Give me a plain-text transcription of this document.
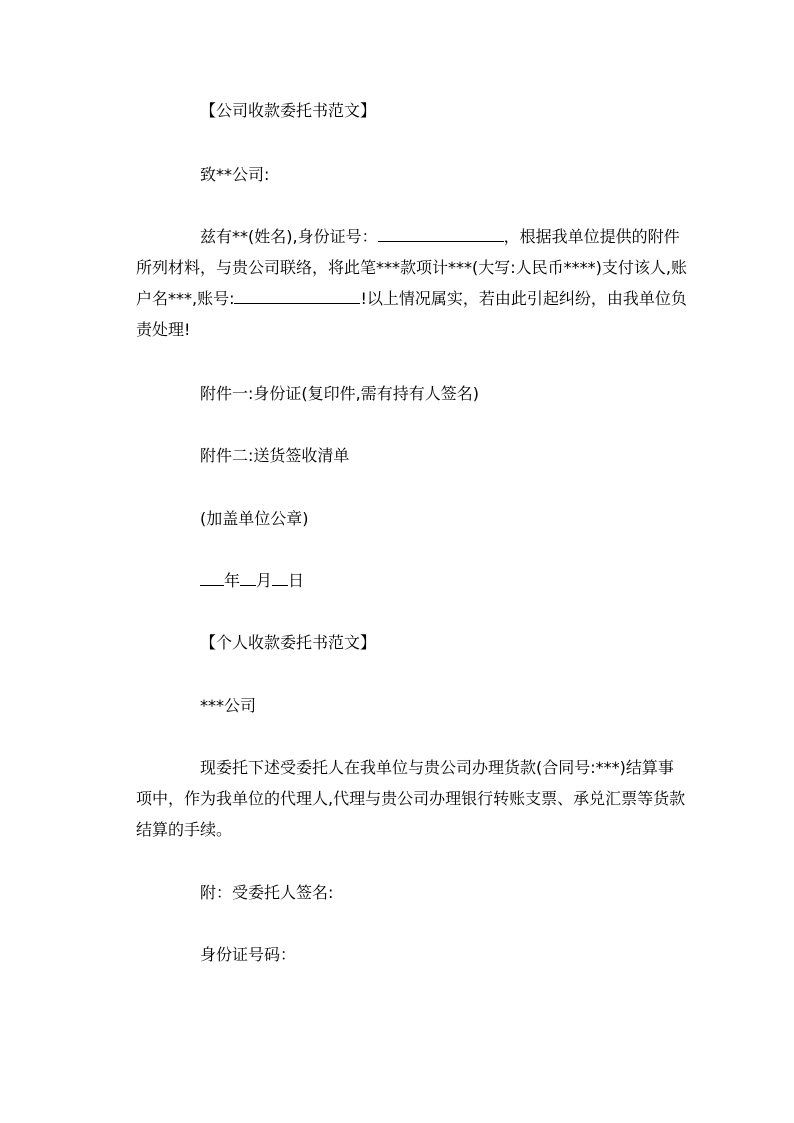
【公司收款委托书范文】
致**公司:
兹有**(姓名),身份证号：	，根据我单位提供的附件
所列材料，与贵公司联络，将此笔***款项计***(大写:人民币****)支付该人,账
户名***,账号:	!以上情况属实，若由此引起纠纷，由我单位负
责处理!
附件一:身份证(复印件,需有持有人签名)
附件二:送货签收清单
(加盖单位公章)
年 月 日
【个人收款委托书范文】
***公司
现委托下述受委托人在我单位与贵公司办理货款(合同号:***)结算事
项中，作为我单位的代理人,代理与贵公司办理银行转账支票、承兑汇票等货款
结算的手续。
附：受委托人签名:
身份证号码：
